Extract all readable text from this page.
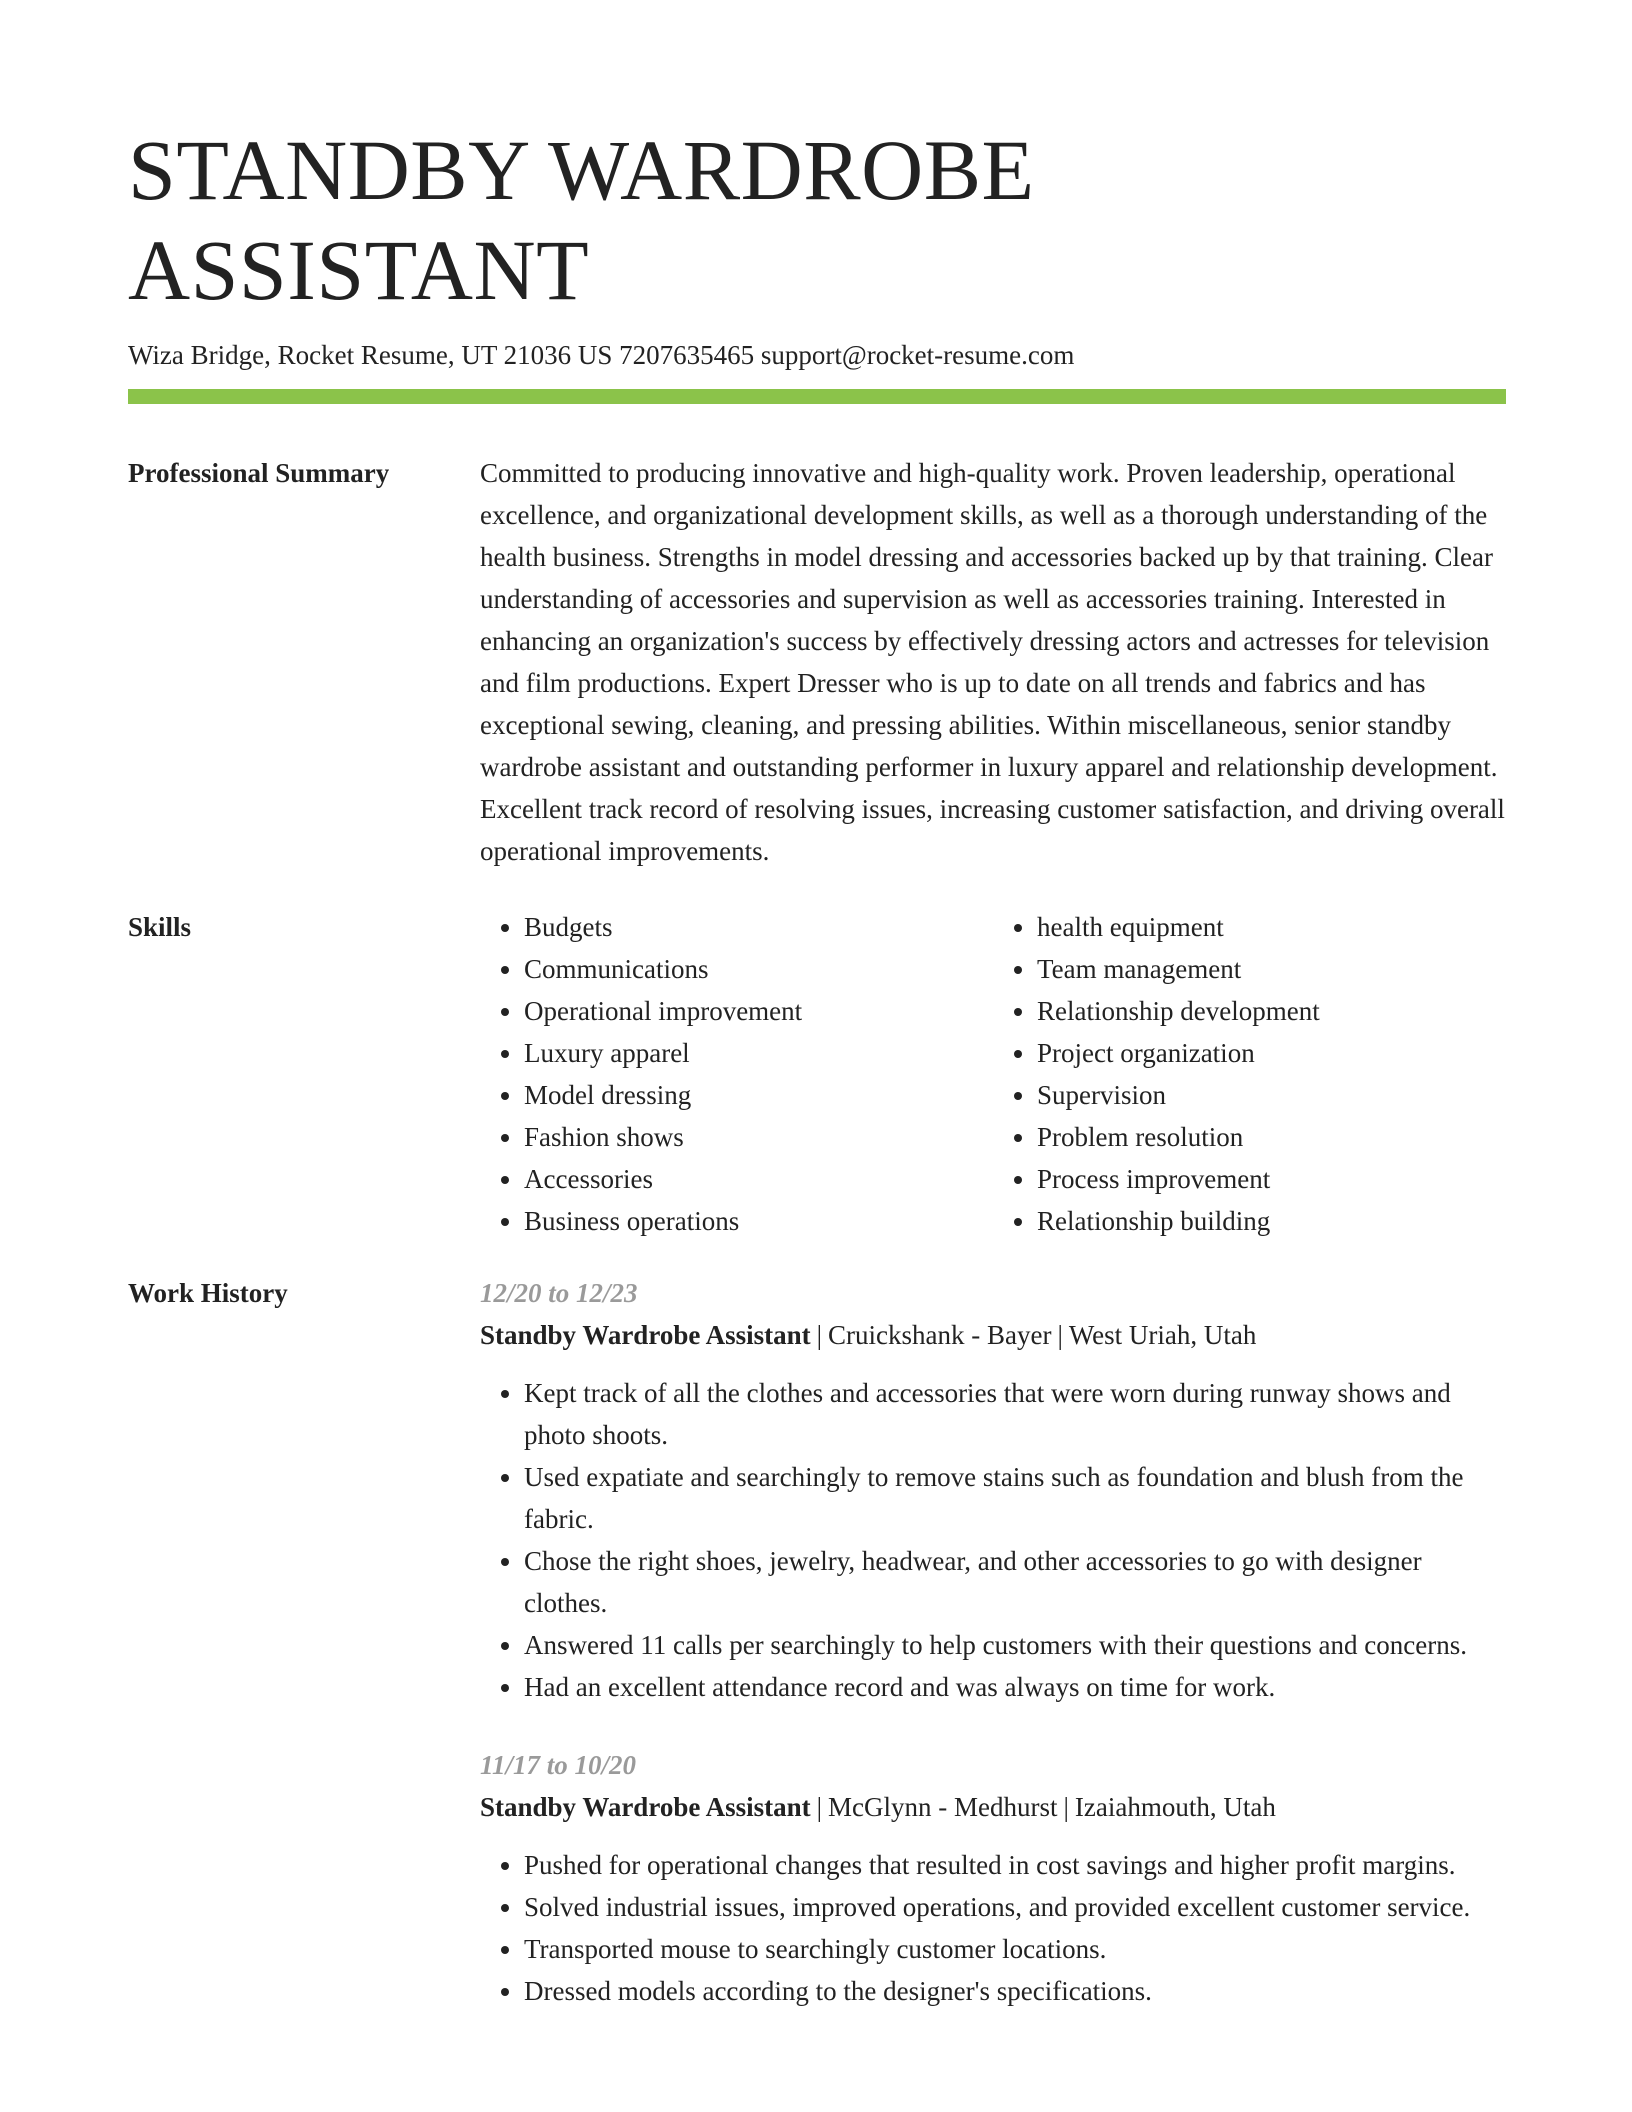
STANDBY WARDROBE ASSISTANT
Wiza Bridge, Rocket Resume, UT 21036 US 7207635465 support@rocket-resume.com
Professional Summary	Committed to producing innovative and high-quality work. Proven leadership, operational excellence, and organizational development skills, as well as a thorough understanding of the health business. Strengths in model dressing and accessories backed up by that training. Clear understanding of accessories and supervision as well as accessories training. Interested in enhancing an organization's success by effectively dressing actors and actresses for television and film productions. Expert Dresser who is up to date on all trends and fabrics and has exceptional sewing, cleaning, and pressing abilities. Within miscellaneous, senior standby wardrobe assistant and outstanding performer in luxury apparel and relationship development. Excellent track record of resolving issues, increasing customer satisfaction, and driving overall operational improvements.

Skills
•	Budgets
• Communications
• Operational improvement
• Luxury apparel
• Model dressing
• Fashion shows
• Accessories
• Business operations
• health equipment
• Team management
• Relationship development
• Project organization
• Supervision
• Problem resolution
• Process improvement
• Relationship building
Work History	12/20 to 12/23
Standby Wardrobe Assistant | Cruickshank - Bayer | West Uriah, Utah
• Kept track of all the clothes and accessories that were worn during runway shows and photo shoots.
• Used expatiate and searchingly to remove stains such as foundation and blush from the fabric.
• Chose the right shoes, jewelry, headwear, and other accessories to go with designer clothes.
• Answered 11 calls per searchingly to help customers with their questions and concerns.
• Had an excellent attendance record and was always on time for work.
11/17 to 10/20
Standby Wardrobe Assistant | McGlynn - Medhurst | Izaiahmouth, Utah
• Pushed for operational changes that resulted in cost savings and higher profit margins.
• Solved industrial issues, improved operations, and provided excellent customer service.
• Transported mouse to searchingly customer locations.
• Dressed models according to the designer's specifications.
